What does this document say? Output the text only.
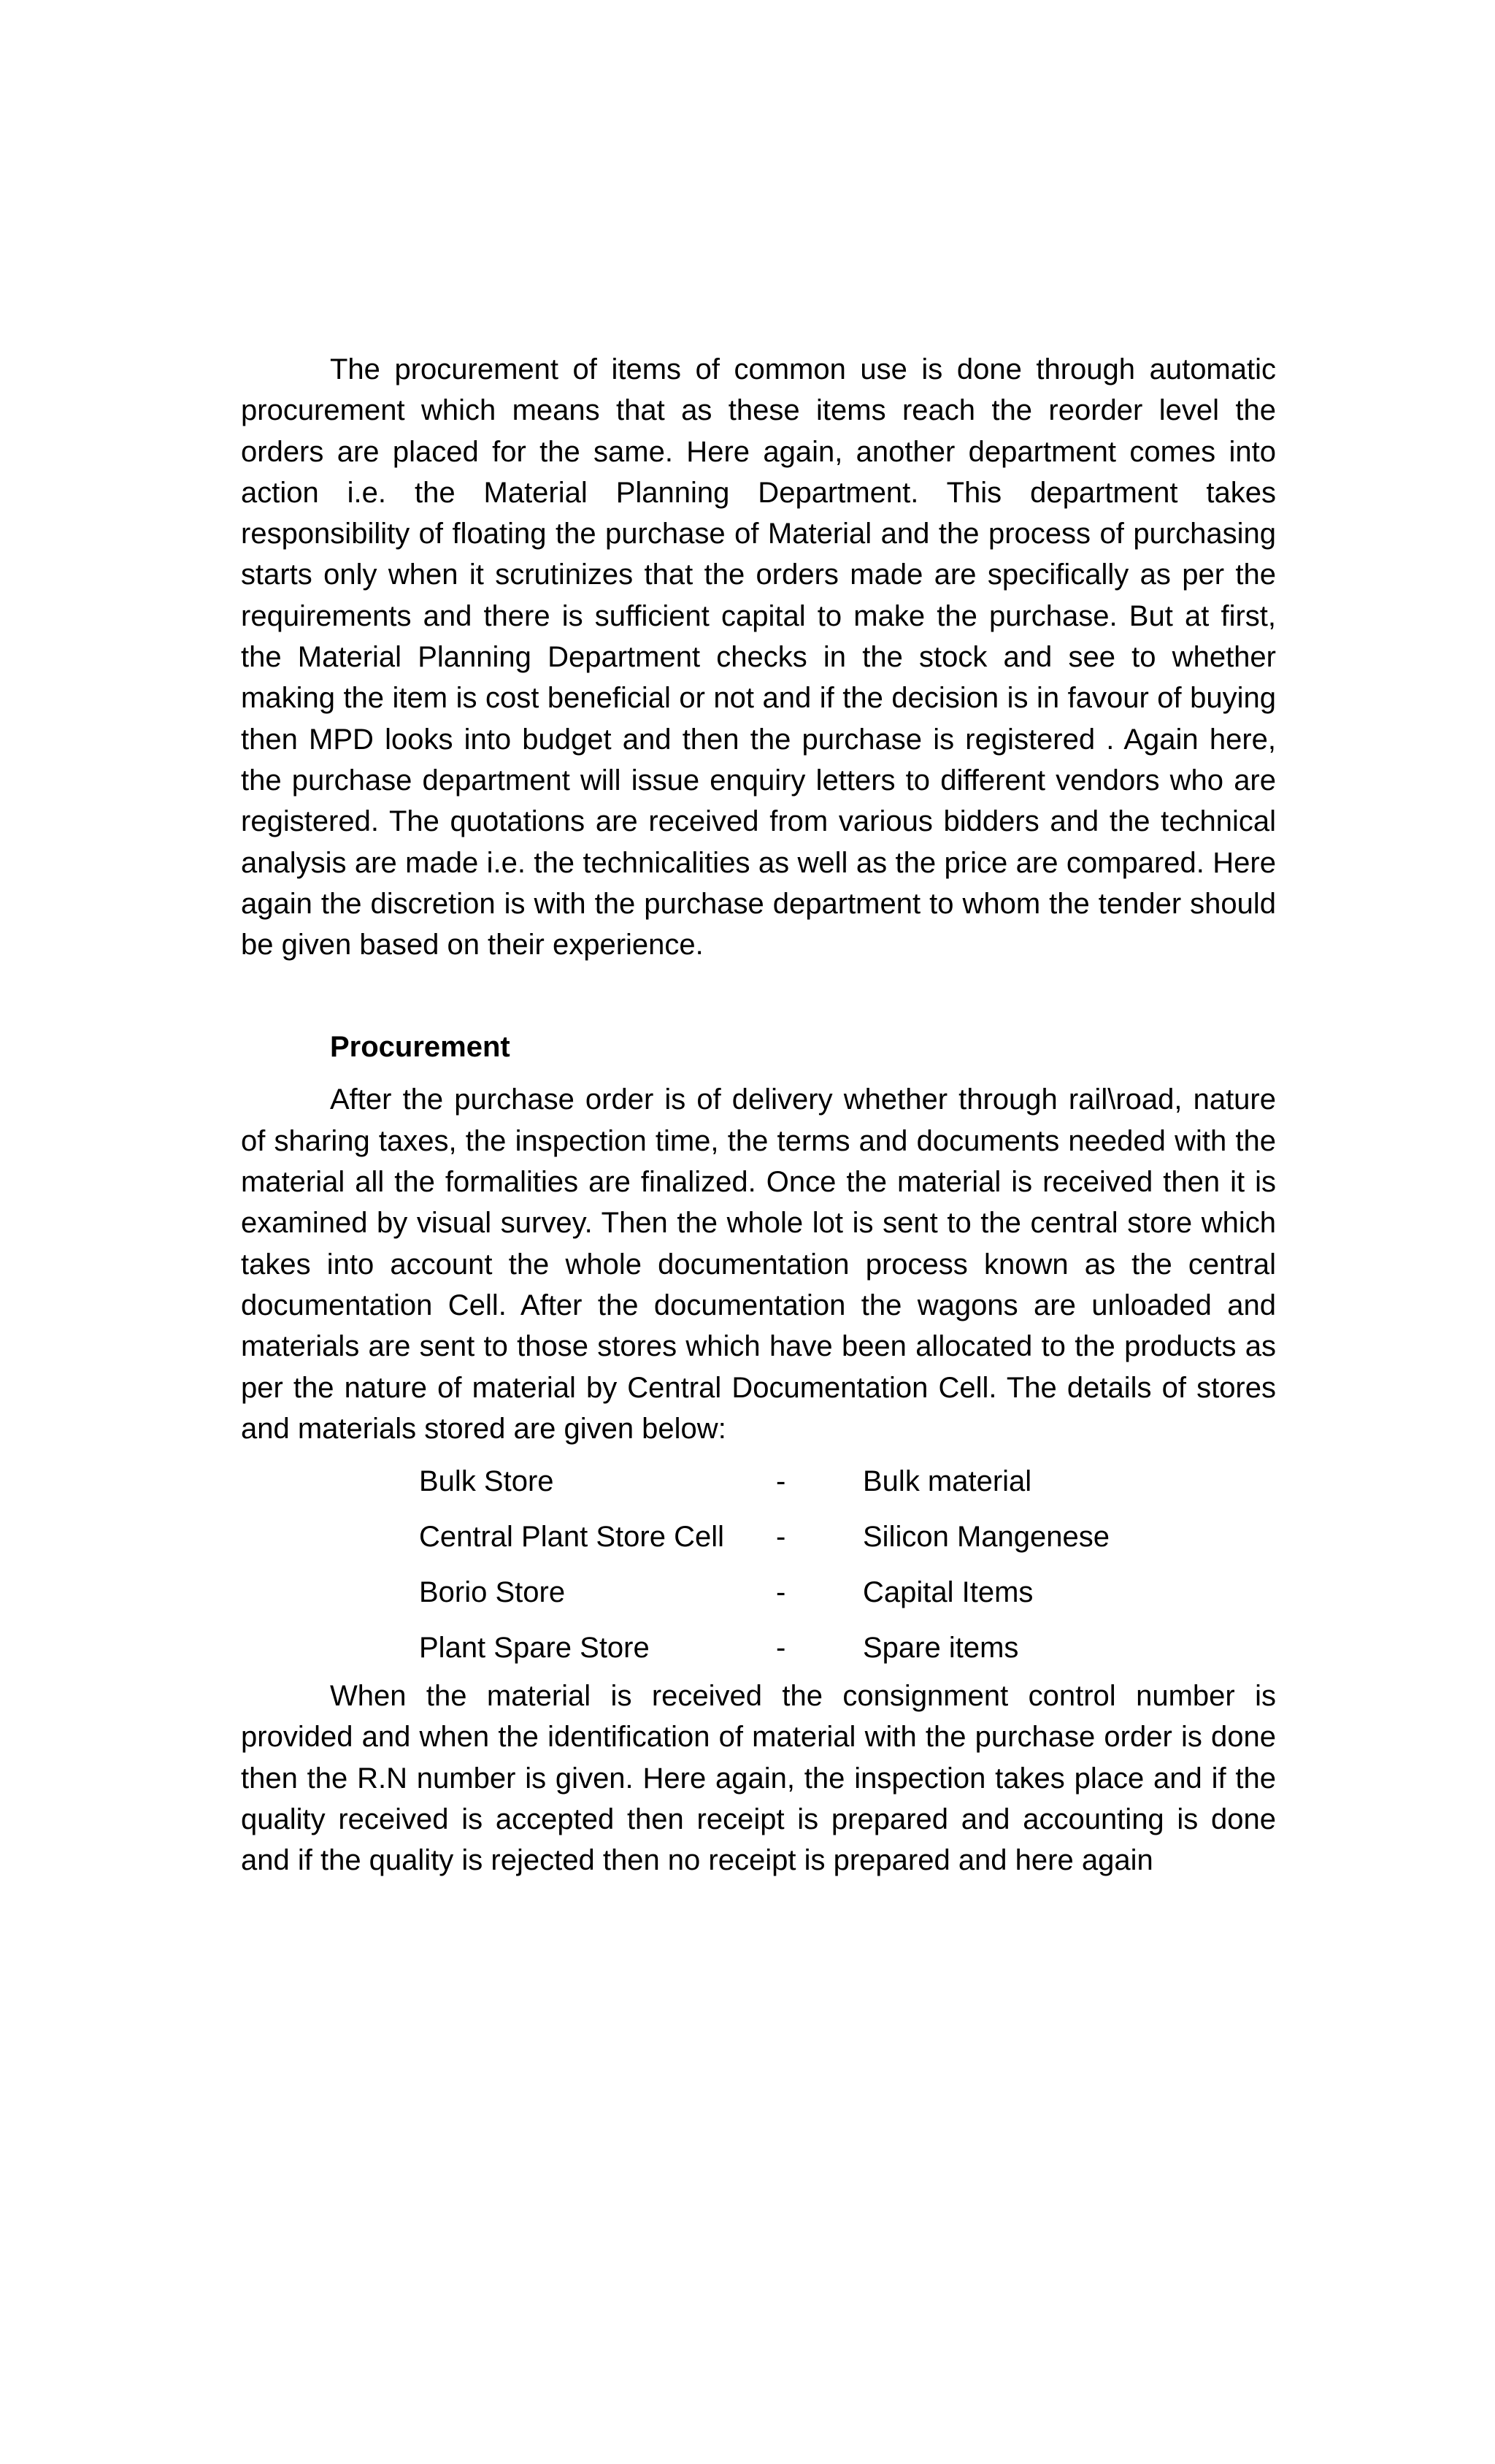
The procurement of items of common use is done through automatic procurement which means that as these items reach the reorder level the orders are placed for the same. Here again, another department comes into action i.e. the Material Planning Department. This department takes responsibility of floating the purchase of Material and the process of purchasing starts only when it scrutinizes that the orders made are specifically as per the requirements and there is sufficient capital to make the purchase. But at first, the Material Planning Department checks in the stock and see to whether making the item is cost beneficial or not and if the decision is in favour of buying then MPD looks into budget and then the purchase is registered . Again here, the purchase department will issue enquiry letters to different vendors who are registered. The quotations are received from various bidders and the technical analysis are made i.e. the technicalities as well as the price are compared. Here again the discretion is with the purchase department to whom the tender should be given based on their experience.

Procurement

After the purchase order is of delivery whether through rail\road, nature of sharing taxes, the inspection time, the terms and documents needed with the material all the formalities are finalized. Once the material is received then it is examined by visual survey. Then the whole lot is sent to the central store which takes into account the whole documentation process known as the central documentation Cell. After the documentation the wagons are unloaded and materials are sent to those stores which have been allocated to the products as per the nature of material by Central Documentation Cell. The details of stores and materials stored are given below:

Bulk Store	-	Bulk material
Central Plant Store Cell	-	Silicon Mangenese
Borio Store	-	Capital Items
Plant Spare Store	-	Spare items

When the material is received the consignment control number is provided and when the identification of material with the purchase order is done then the R.N number is given. Here again, the inspection takes place and if the quality received is accepted then receipt is prepared and accounting is done and if the quality is rejected then no receipt is prepared and here again
